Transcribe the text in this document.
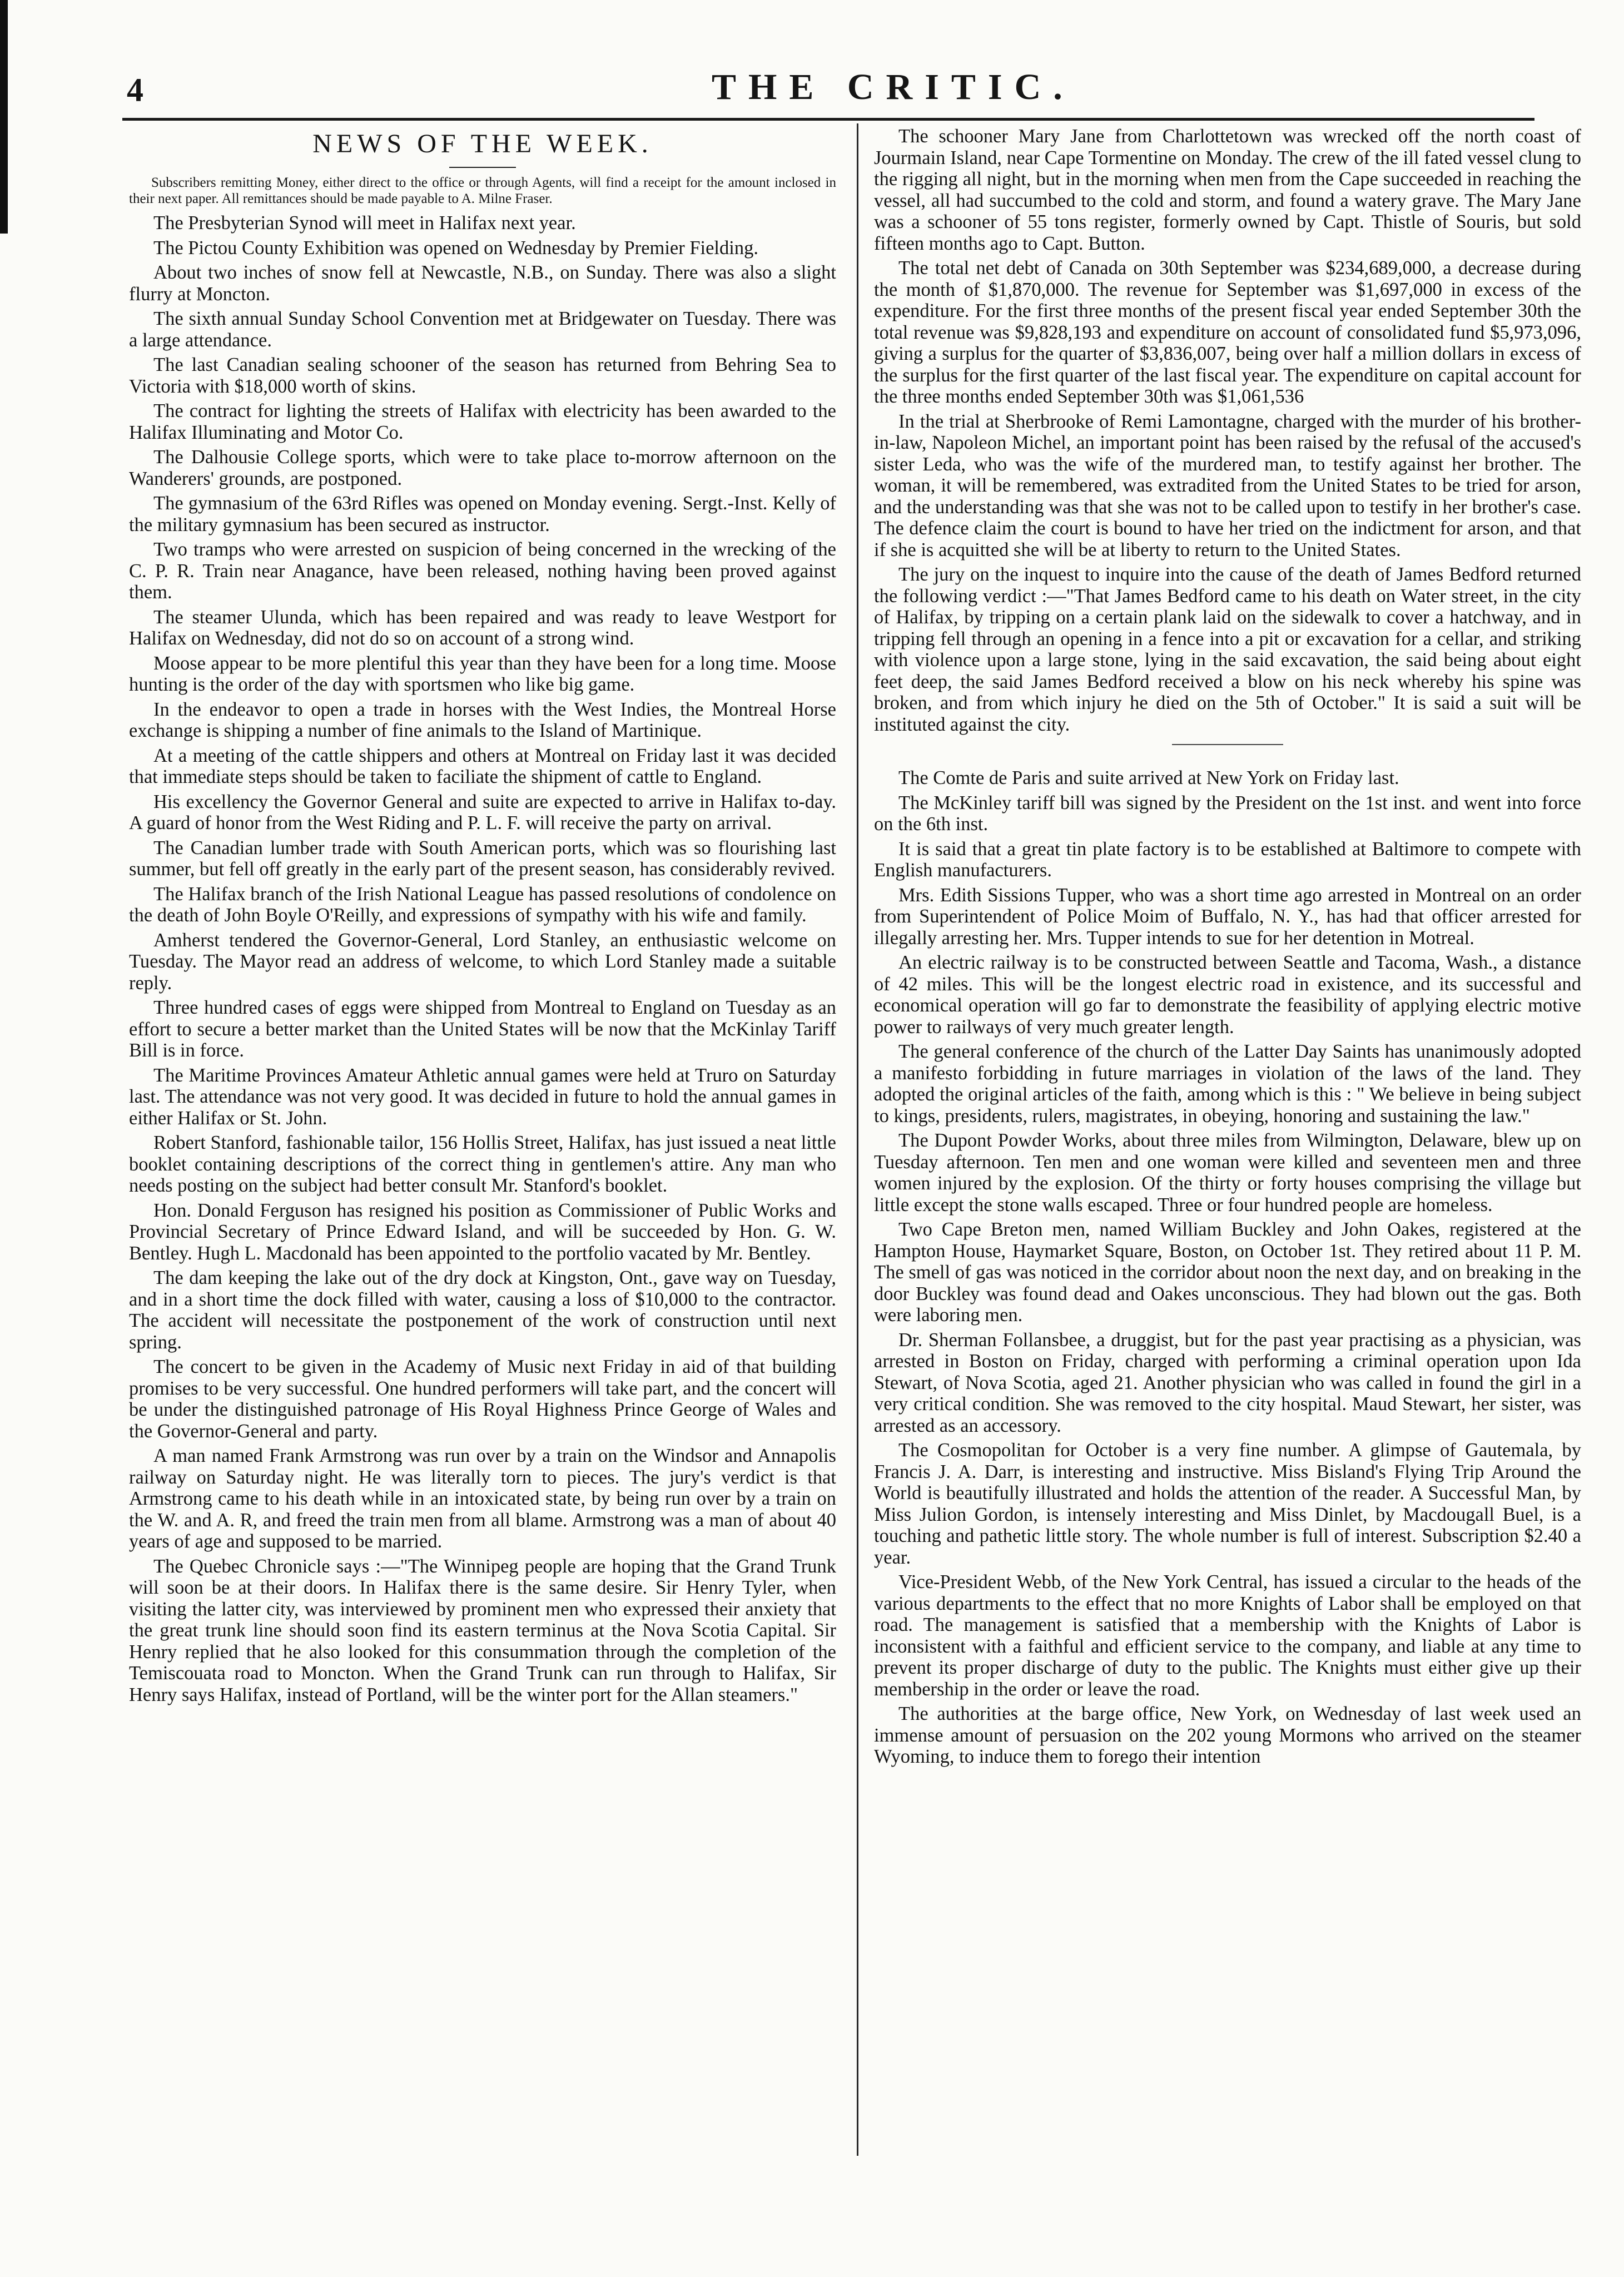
4	THE CRITIC.
NEWS OF THE WEEK.
Subscribers remitting Money, either direct to the office or through Agents, will find a receipt for the amount inclosed in their next paper. All remittances should be made payable to A. Milne Fraser.

The Presbyterian Synod will meet in Halifax next year.

The Pictou County Exhibition was opened on Wednesday by Premier Fielding.

About two inches of snow fell at Newcastle, N.B., on Sunday. There was also a slight flurry at Moncton.

The sixth annual Sunday School Convention met at Bridgewater on Tuesday. There was a large attendance.

The last Canadian sealing schooner of the season has returned from Behring Sea to Victoria with $18,000 worth of skins.

The contract for lighting the streets of Halifax with electricity has been awarded to the Halifax Illuminating and Motor Co.

The Dalhousie College sports, which were to take place to-morrow afternoon on the Wanderers' grounds, are postponed.

The gymnasium of the 63rd Rifles was opened on Monday evening. Sergt.-Inst. Kelly of the military gymnasium has been secured as instructor.

Two tramps who were arrested on suspicion of being concerned in the wrecking of the C. P. R. Train near Anagance, have been released, nothing having been proved against them.

The steamer Ulunda, which has been repaired and was ready to leave Westport for Halifax on Wednesday, did not do so on account of a strong wind.

Moose appear to be more plentiful this year than they have been for a long time. Moose hunting is the order of the day with sportsmen who like big game.

In the endeavor to open a trade in horses with the West Indies, the Montreal Horse exchange is shipping a number of fine animals to the Island of Martinique.

At a meeting of the cattle shippers and others at Montreal on Friday last it was decided that immediate steps should be taken to faciliate the shipment of cattle to England.

His excellency the Governor General and suite are expected to arrive in Halifax to-day. A guard of honor from the West Riding and P. L. F. will receive the party on arrival.

The Canadian lumber trade with South American ports, which was so flourishing last summer, but fell off greatly in the early part of the present season, has considerably revived.

The Halifax branch of the Irish National League has passed resolutions of condolence on the death of John Boyle O'Reilly, and expressions of sympathy with his wife and family.

Amherst tendered the Governor-General, Lord Stanley, an enthusiastic welcome on Tuesday. The Mayor read an address of welcome, to which Lord Stanley made a suitable reply.

Three hundred cases of eggs were shipped from Montreal to England on Tuesday as an effort to secure a better market than the United States will be now that the McKinlay Tariff Bill is in force.

The Maritime Provinces Amateur Athletic annual games were held at Truro on Saturday last. The attendance was not very good. It was decided in future to hold the annual games in either Halifax or St. John.

Robert Stanford, fashionable tailor, 156 Hollis Street, Halifax, has just issued a neat little booklet containing descriptions of the correct thing in gentlemen's attire. Any man who needs posting on the subject had better consult Mr. Stanford's booklet.

Hon. Donald Ferguson has resigned his position as Commissioner of Public Works and Provincial Secretary of Prince Edward Island, and will be succeeded by Hon. G. W. Bentley. Hugh L. Macdonald has been appointed to the portfolio vacated by Mr. Bentley.

The dam keeping the lake out of the dry dock at Kingston, Ont., gave way on Tuesday, and in a short time the dock filled with water, causing a loss of $10,000 to the contractor. The accident will necessitate the postponement of the work of construction until next spring.

The concert to be given in the Academy of Music next Friday in aid of that building promises to be very successful. One hundred performers will take part, and the concert will be under the distinguished patronage of His Royal Highness Prince George of Wales and the Governor-General and party.

A man named Frank Armstrong was run over by a train on the Windsor and Annapolis railway on Saturday night. He was literally torn to pieces. The jury's verdict is that Armstrong came to his death while in an intoxicated state, by being run over by a train on the W. and A. R, and freed the train men from all blame. Armstrong was a man of about 40 years of age and supposed to be married.

The Quebec Chronicle says :—"The Winnipeg people are hoping that the Grand Trunk will soon be at their doors. In Halifax there is the same desire. Sir Henry Tyler, when visiting the latter city, was interviewed by prominent men who expressed their anxiety that the great trunk line should soon find its eastern terminus at the Nova Scotia Capital. Sir Henry replied that he also looked for this consummation through the completion of the Temiscouata road to Moncton. When the Grand Trunk can run through to Halifax, Sir Henry says Halifax, instead of Portland, will be the winter port for the Allan steamers."

The schooner Mary Jane from Charlottetown was wrecked off the north coast of Jourmain Island, near Cape Tormentine on Monday. The crew of the ill fated vessel clung to the rigging all night, but in the morning when men from the Cape succeeded in reaching the vessel, all had succumbed to the cold and storm, and found a watery grave. The Mary Jane was a schooner of 55 tons register, formerly owned by Capt. Thistle of Souris, but sold fifteen months ago to Capt. Button.

The total net debt of Canada on 30th September was $234,689,000, a decrease during the month of $1,870,000. The revenue for September was $1,697,000 in excess of the expenditure. For the first three months of the present fiscal year ended September 30th the total revenue was $9,828,193 and expenditure on account of consolidated fund $5,973,096, giving a surplus for the quarter of $3,836,007, being over half a million dollars in excess of the surplus for the first quarter of the last fiscal year. The expenditure on capital account for the three months ended September 30th was $1,061,536

In the trial at Sherbrooke of Remi Lamontagne, charged with the murder of his brother-in-law, Napoleon Michel, an important point has been raised by the refusal of the accused's sister Leda, who was the wife of the murdered man, to testify against her brother. The woman, it will be remembered, was extradited from the United States to be tried for arson, and the understanding was that she was not to be called upon to testify in her brother's case. The defence claim the court is bound to have her tried on the indictment for arson, and that if she is acquitted she will be at liberty to return to the United States.

The jury on the inquest to inquire into the cause of the death of James Bedford returned the following verdict :—"That James Bedford came to his death on Water street, in the city of Halifax, by tripping on a certain plank laid on the sidewalk to cover a hatchway, and in tripping fell through an opening in a fence into a pit or excavation for a cellar, and striking with violence upon a large stone, lying in the said excavation, the said being about eight feet deep, the said James Bedford received a blow on his neck whereby his spine was broken, and from which injury he died on the 5th of October." It is said a suit will be instituted against the city.

The Comte de Paris and suite arrived at New York on Friday last.

The McKinley tariff bill was signed by the President on the 1st inst. and went into force on the 6th inst.

It is said that a great tin plate factory is to be established at Baltimore to compete with English manufacturers.

Mrs. Edith Sissions Tupper, who was a short time ago arrested in Montreal on an order from Superintendent of Police Moim of Buffalo, N. Y., has had that officer arrested for illegally arresting her. Mrs. Tupper intends to sue for her detention in Motreal.

An electric railway is to be constructed between Seattle and Tacoma, Wash., a distance of 42 miles. This will be the longest electric road in existence, and its successful and economical operation will go far to demonstrate the feasibility of applying electric motive power to railways of very much greater length.

The general conference of the church of the Latter Day Saints has unanimously adopted a manifesto forbidding in future marriages in violation of the laws of the land. They adopted the original articles of the faith, among which is this : " We believe in being subject to kings, presidents, rulers, magistrates, in obeying, honoring and sustaining the law."

The Dupont Powder Works, about three miles from Wilmington, Delaware, blew up on Tuesday afternoon. Ten men and one woman were killed and seventeen men and three women injured by the explosion. Of the thirty or forty houses comprising the village but little except the stone walls escaped. Three or four hundred people are homeless.

Two Cape Breton men, named William Buckley and John Oakes, registered at the Hampton House, Haymarket Square, Boston, on October 1st. They retired about 11 P. M. The smell of gas was noticed in the corridor about noon the next day, and on breaking in the door Buckley was found dead and Oakes unconscious. They had blown out the gas. Both were laboring men.

Dr. Sherman Follansbee, a druggist, but for the past year practising as a physician, was arrested in Boston on Friday, charged with performing a criminal operation upon Ida Stewart, of Nova Scotia, aged 21. Another physician who was called in found the girl in a very critical condition. She was removed to the city hospital. Maud Stewart, her sister, was arrested as an accessory.

The Cosmopolitan for October is a very fine number. A glimpse of Gautemala, by Francis J. A. Darr, is interesting and instructive. Miss Bisland's Flying Trip Around the World is beautifully illustrated and holds the attention of the reader. A Successful Man, by Miss Julion Gordon, is intensely interesting and Miss Dinlet, by Macdougall Buel, is a touching and pathetic little story. The whole number is full of interest. Subscription $2.40 a year.

Vice-President Webb, of the New York Central, has issued a circular to the heads of the various departments to the effect that no more Knights of Labor shall be employed on that road. The management is satisfied that a membership with the Knights of Labor is inconsistent with a faithful and efficient service to the company, and liable at any time to prevent its proper discharge of duty to the public. The Knights must either give up their membership in the order or leave the road.

The authorities at the barge office, New York, on Wednesday of last week used an immense amount of persuasion on the 202 young Mormons who arrived on the steamer Wyoming, to induce them to forego their intention
